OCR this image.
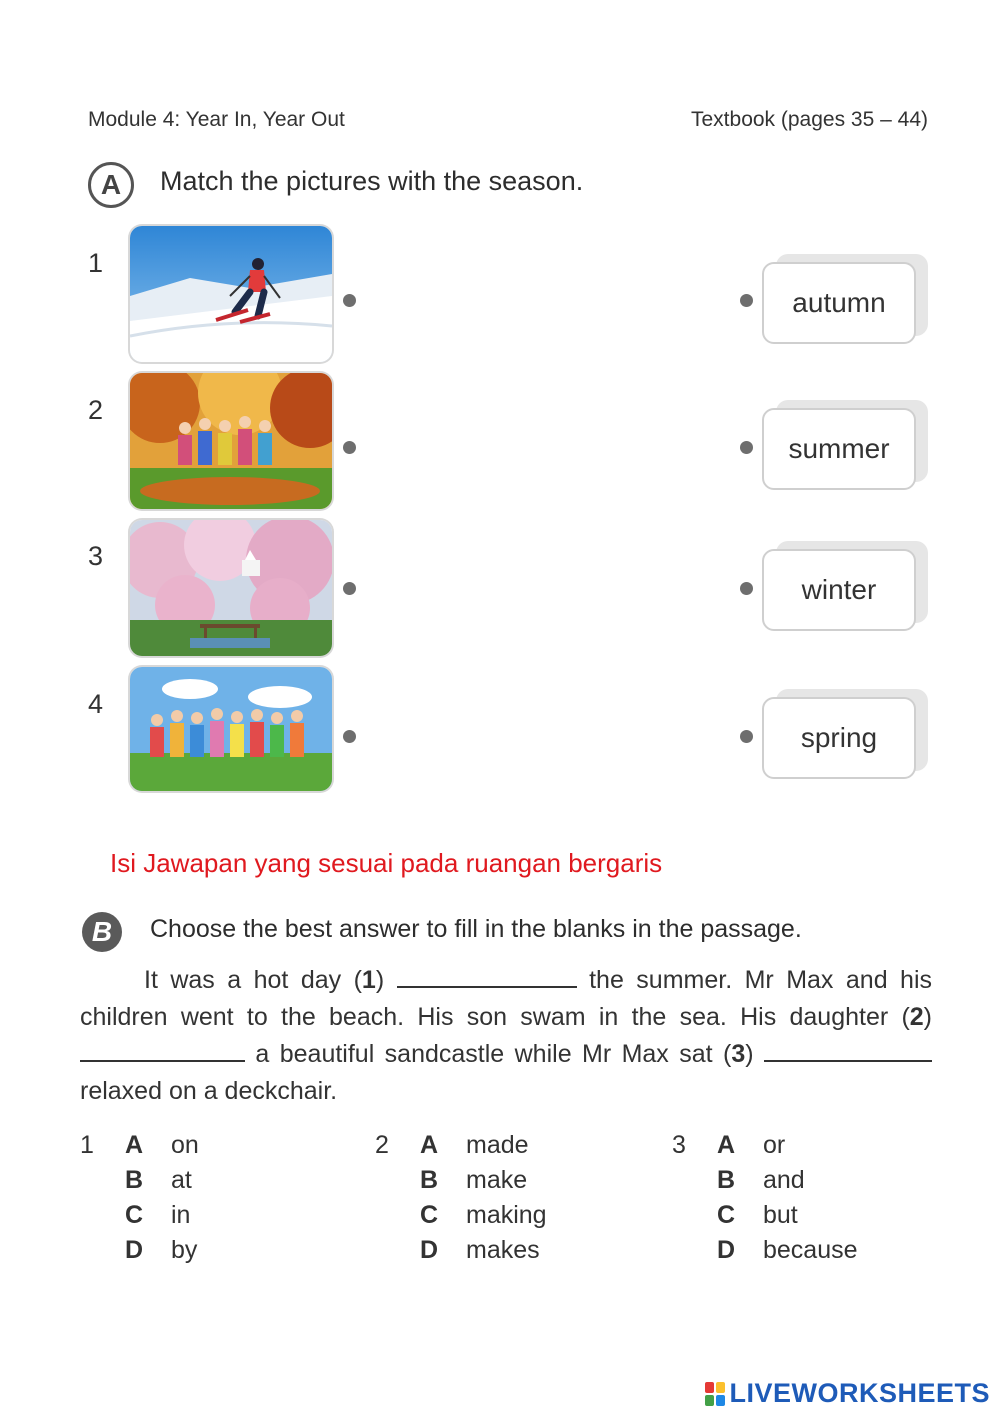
Module 4: Year In, Year Out	Textbook (pages 35 – 44)
A	Match the pictures with the season.
1
2
3
4
autumn
summer
winter
spring
Isi Jawapan yang sesuai pada ruangan bergaris
B	Choose the best answer to fill in the blanks in the passage.
It was a hot day (1)	the summer. Mr Max and his children went to the beach. His son swam in the sea. His daughter (2)  a beautiful sandcastle while Mr Max sat (3)  relaxed on a deckchair.
1	A	on
B	at
C	in
D	by
2	A	made
B	make
C	making
D	makes
3	A	or
B	and
C	but
D	because
LIVEWORKSHEETS
